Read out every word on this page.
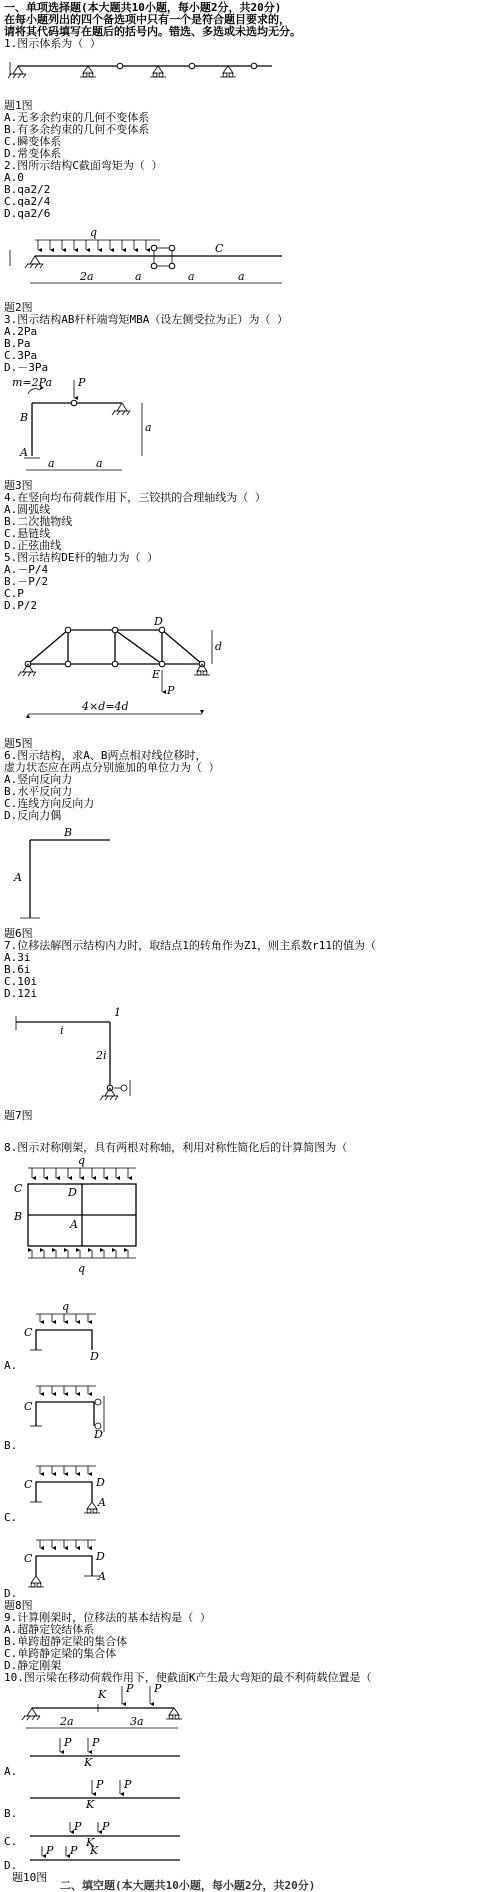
一、单项选择题(本大题共10小题，每小题2分，共20分)
在每小题列出的四个备选项中只有一个是符合题目要求的，
请将其代码填写在题后的括号内。错选、多选或未选均无分。
1.图示体系为（ ）
题1图
A.无多余约束的几何不变体系
B.有多余约束的几何不变体系
C.瞬变体系
D.常变体系
2.图所示结构C截面弯矩为（ ）
A.0
B.qa2/2
C.qa2/4
D.qa2/6
q
C
2a	a	a	a
题2图
3.图示结构AB杆杆端弯矩MBA（设左侧受拉为正）为（ ）
A.2Pa
B.Pa
C.3Pa
D.－3Pa
m=2Pa P
B
A
a
a	a
题3图
4.在竖向均布荷载作用下，三铰拱的合理轴线为（ ）
A.圆弧线
B.二次抛物线
C.悬链线
D.正弦曲线
5.图示结构DE杆的轴力为（ ）
A.－P/4
B.－P/2
C.P
D.P/2
D
E
P
d
4×d=4d
题5图
6.图示结构，求A、B两点相对线位移时，
虚力状态应在两点分别施加的单位力为（ ）
A.竖向反向力
B.水平反向力
C.连线方向反向力
D.反向力偶
B
A
题6图
7.位移法解图示结构内力时，取结点1的转角作为Z1，则主系数r11的值为（
A.3i
B.6i
C.10i
D.12i
1
i
2i
题7图
8.图示对称刚架，具有两根对称轴，利用对称性简化后的计算简图为（
q
C	D
B
A
q
q
C
D
A.
C
D
B.
C	D
A
C.
C	D
A
D.
题8图
9.计算刚架时，位移法的基本结构是（ ）
A.超静定铰结体系
B.单跨超静定梁的集合体
C.单跨静定梁的集合体
D.静定刚架
10.图示梁在移动荷载作用下，使截面K产生最大弯矩的最不利荷载位置是（
K P P
2a	3a
P P
K
A.
P P
K
B.
P P
K
C.
P P K
D.
题10图
二、填空题(本大题共10小题，每小题2分，共20分)
